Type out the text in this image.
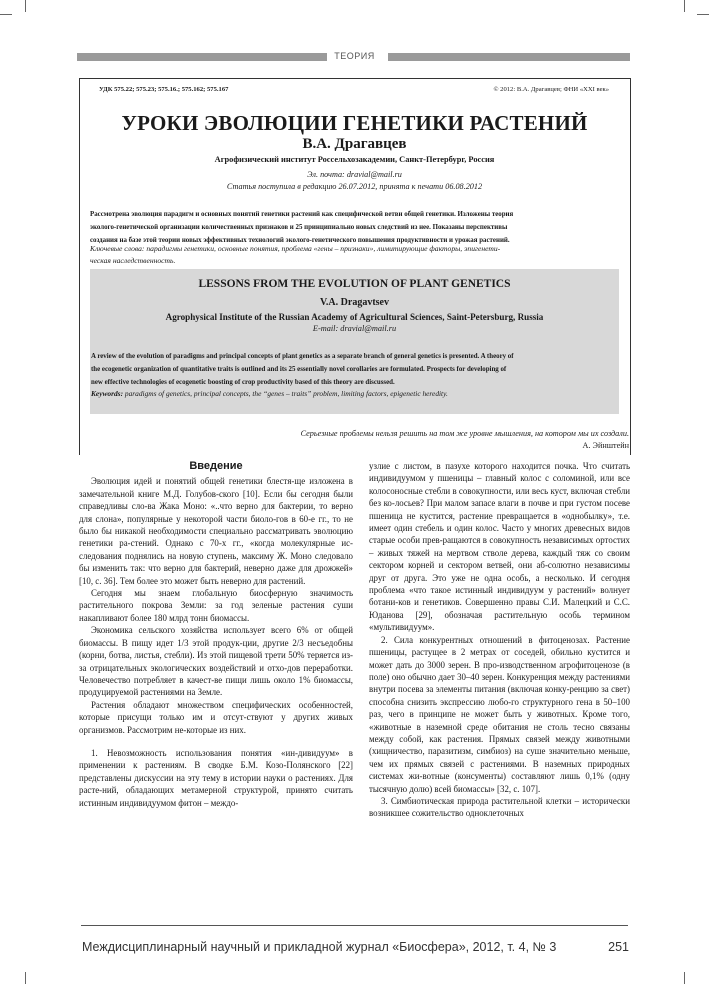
ТЕОРИЯ
УДК 575.22; 575.23; 575.16.; 575.162; 575.167	© 2012: В.А. Драгавцев; ФНИ «XXI век»
УРОКИ ЭВОЛЮЦИИ ГЕНЕТИКИ РАСТЕНИЙ
В.А. Драгавцев
Агрофизический институт Россельхозакадемии, Санкт-Петербург, Россия
Эл. почта: dravial@mail.ru
Статья поступила в редакцию 26.07.2012, принята к печати 06.08.2012
Рассмотрена эволюция парадигм и основных понятий генетики растений как специфической ветви общей генетики. Изложены теория
эколого-генетической организации количественных признаков и 25 принципиально новых следствий из нее. Показаны перспективы
создания на базе этой теории новых эффективных технологий эколого-генетического повышения продуктивности и урожая растений.
Ключевые слова: парадигмы генетики, основные понятия, проблема «гены – признаки», лимитирующие факторы, эпигенети-
ческая наследственность.
LESSONS FROM THE EVOLUTION OF PLANT GENETICS
V.A. Dragavtsev
Agrophysical Institute of the Russian Academy of Agricultural Sciences, Saint-Petersburg, Russia
E-mail: dravial@mail.ru
A review of the evolution of paradigms and principal concepts of plant genetics as a separate branch of general genetics is presented. A theory of
the ecogenetic organization of quantitative traits is outlined and its 25 essentially novel corollaries are formulated. Prospects for developing of
new effective technologies of ecogenetic boosting of crop productivity based of this theory are discussed.
Keywords: paradigms of genetics, principal concepts, the “genes – traits” problem, limiting factors, epigenetic heredity.
Серьезные проблемы нельзя решить на том же уровне мышления, на котором мы их создали.
А. Эйнштейн
Введение

Эволюция идей и понятий общей генетики блестя-ще изложена в замечательной книге М.Д. Голубов-ского [10]. Если бы сегодня были справедливы сло-ва Жака Моно: «..что верно для бактерии, то верно для слона», популярные у некоторой части биоло-гов в 60-е гг., то не было бы никакой необходимости специально рассматривать эволюцию генетики ра-стений. Однако с 70-х гг., «когда молекулярные ис-следования поднялись на новую ступень, максиму Ж. Моно следовало бы изменить так: что верно для бактерий, неверно даже для дрожжей» [10, с. 36]. Тем более это может быть неверно для растений.

Сегодня мы знаем глобальную биосферную значимость растительного покрова Земли: за год зеленые растения суши накапливают более 180 млрд тонн биомассы.

Экономика сельского хозяйства использует всего 6% от общей биомассы. В пищу идет 1/3 этой продук-ции, другие 2/3 несъедобны (корни, ботва, листья, стебли). Из этой пищевой трети 50% теряется из-за отрицательных экологических воздействий и отхо-дов переработки. Человечество потребляет в качест-ве пищи лишь около 1% биомассы, продуцируемой растениями на Земле.

Растения обладают множеством специфических особенностей, которые присущи только им и отсут-ствуют у других живых организмов. Рассмотрим не-которые из них.

1. Невозможность использования понятия «ин-дивидуум» в применении к растениям. В сводке Б.М. Козо-Полянского [22] представлены дискуссии на эту тему в истории науки о растениях. Для расте-ний, обладающих метамерной структурой, принято считать истинным индивидуумом фитон – междо-

узлие с листом, в пазухе которого находится почка. Что считать индивидуумом у пшеницы – главный колос с соломиной, или все колосоносные стебли в совокупности, или весь куст, включая стебли без ко-лосьев? При малом запасе влаги в почве и при густом посеве пшеница не кустится, растение превращается в «однобылку», т.е. имеет один стебель и один колос. Часто у многих древесных видов старые особи прев-ращаются в совокупность независимых ортостих – живых тяжей на мертвом стволе дерева, каждый тяж со своим сектором корней и сектором ветвей, они аб-солютно независимы друг от друга. Это уже не одна особь, а несколько. И сегодня проблема «что такое истинный индивидуум у растений» волнует ботани-ков и генетиков. Совершенно правы С.И. Малецкий и С.С. Юданова [29], обозначая растительную особь термином «мультивидуум».

2. Сила конкурентных отношений в фитоценозах. Растение пшеницы, растущее в 2 метрах от соседей, обильно кустится и может дать до 3000 зерен. В про-изводственном агрофитоценозе (в поле) оно обычно дает 30–40 зерен. Конкуренция между растениями внутри посева за элементы питания (включая конку-ренцию за свет) способна снизить экспрессию любо-го структурного гена в 50–100 раз, чего в принципе не может быть у животных. Кроме того, «животные в наземной среде обитания не столь тесно связаны между собой, как растения. Прямых связей между животными (хищничество, паразитизм, симбиоз) на суше значительно меньше, чем их прямых связей с растениями. В наземных природных системах жи-вотные (консументы) составляют лишь 0,1% (одну тысячную долю) всей биомассы» [32, с. 107].

3. Симбиотическая природа растительной клетки – исторически возникшее сожительство одноклеточных

Междисциплинарный научный и прикладной журнал «Биосфера», 2012, т. 4, № 3	251
